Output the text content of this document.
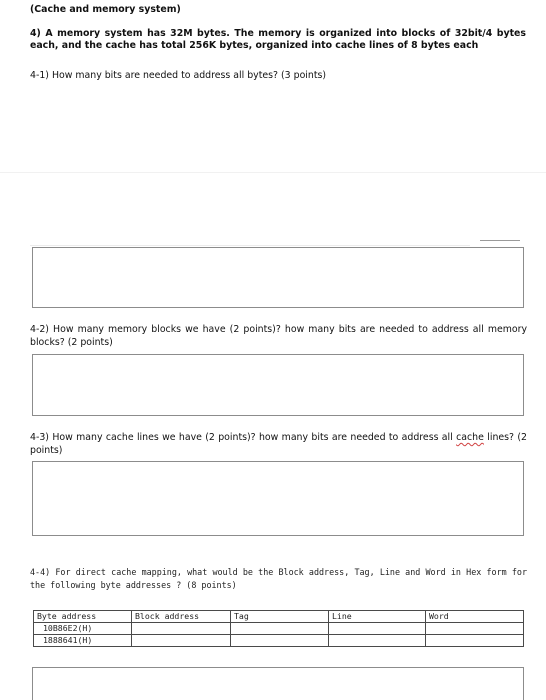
(Cache and memory system)
4) A memory system has 32M bytes. The memory is organized into blocks of 32bit/4 bytes each, and the cache has total 256K bytes, organized into cache lines of 8 bytes each
4-1) How many bits are needed to address all bytes? (3 points)
4-2) How many memory blocks we have (2 points)? how many bits are needed to address all memory blocks? (2 points)
4-3) How many cache lines we have (2 points)? how many bits are needed to address all cache lines? (2 points)
4-4) For direct cache mapping, what would be the Block address, Tag, Line and Word in Hex form for the following byte addresses ? (8 points)
Byte address	Block address	Tag	Line	Word
10B86E2(H)				
1888641(H)				
